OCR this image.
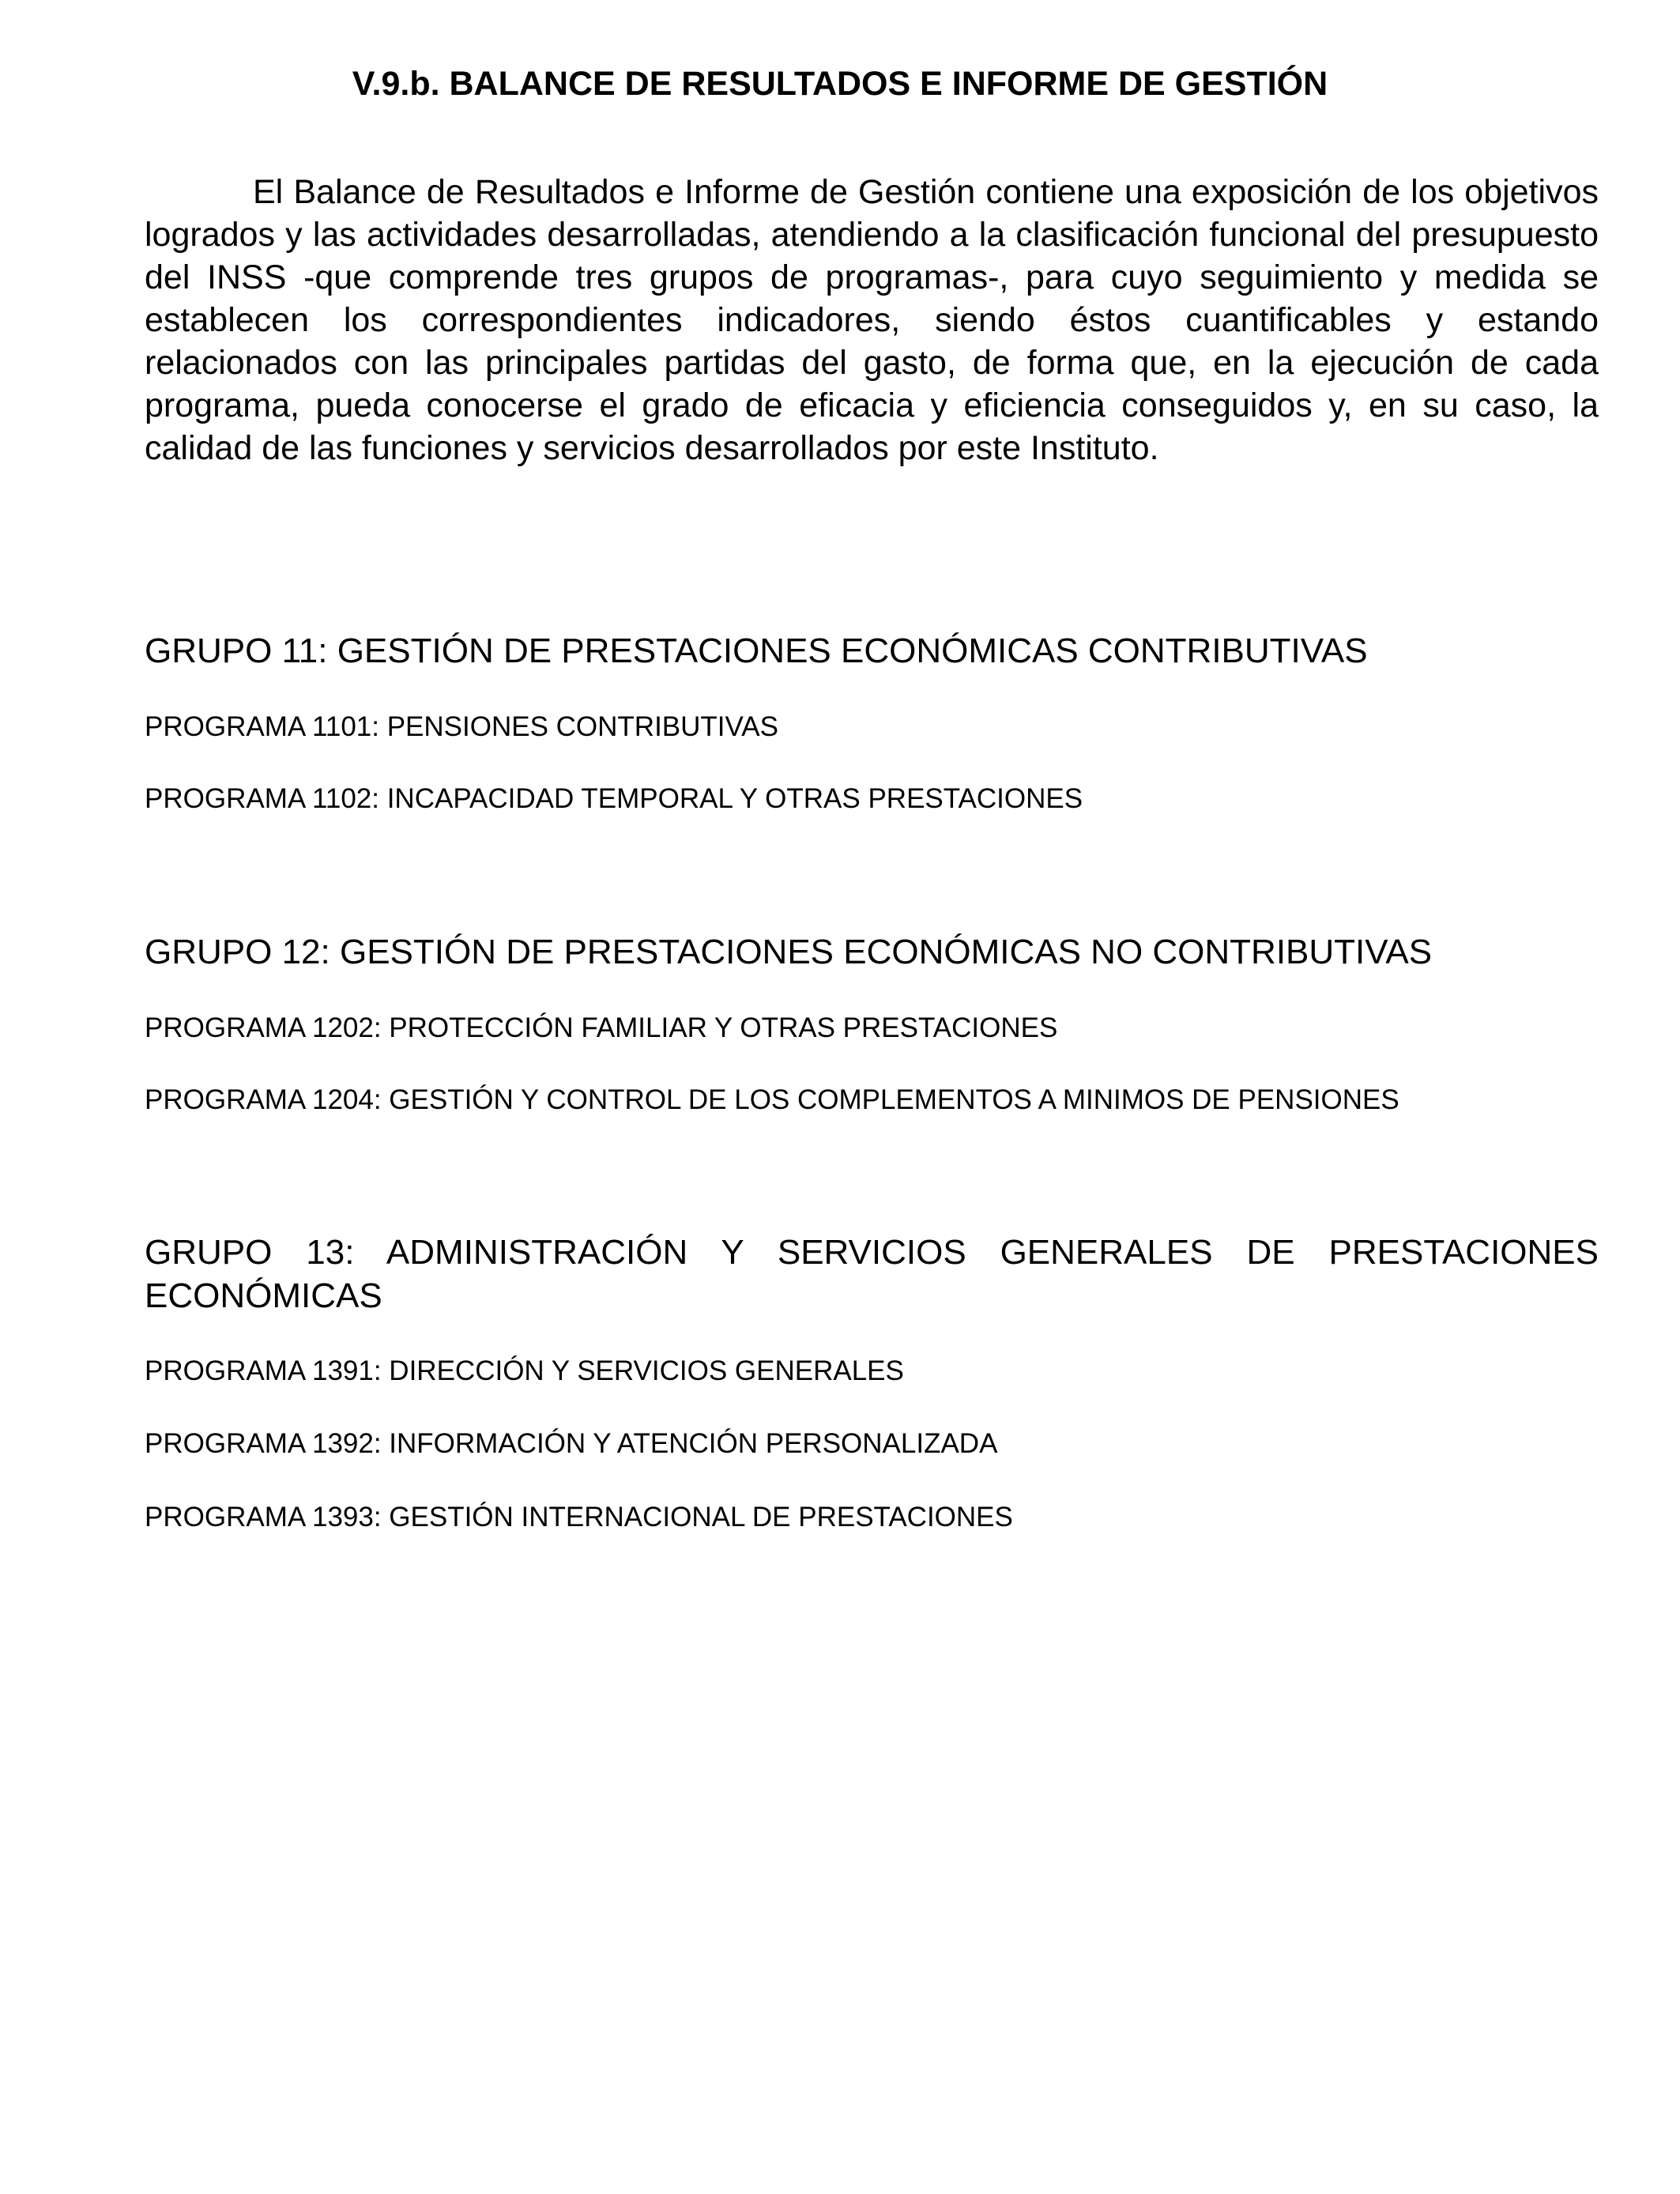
V.9.b. BALANCE DE RESULTADOS E INFORME DE GESTIÓN

El Balance de Resultados e Informe de Gestión contiene una exposición de los objetivos logrados y las actividades desarrolladas, atendiendo a la clasificación funcional del presupuesto del INSS -que comprende tres grupos de programas-, para cuyo seguimiento y medida se establecen los correspondientes indicadores, siendo éstos cuantificables y estando relacionados con las principales partidas del gasto, de forma que, en la ejecución de cada programa, pueda conocerse el grado de eficacia y eficiencia conseguidos y, en su caso, la calidad de las funciones y servicios desarrollados por este Instituto.

GRUPO 11: GESTIÓN DE PRESTACIONES ECONÓMICAS CONTRIBUTIVAS

PROGRAMA 1101: PENSIONES CONTRIBUTIVAS

PROGRAMA 1102: INCAPACIDAD TEMPORAL Y OTRAS PRESTACIONES

GRUPO 12: GESTIÓN DE PRESTACIONES ECONÓMICAS NO CONTRIBUTIVAS

PROGRAMA 1202: PROTECCIÓN FAMILIAR Y OTRAS PRESTACIONES

PROGRAMA 1204: GESTIÓN Y CONTROL DE LOS COMPLEMENTOS A MINIMOS DE PENSIONES

GRUPO 13: ADMINISTRACIÓN Y SERVICIOS GENERALES DE PRESTACIONES ECONÓMICAS

PROGRAMA 1391: DIRECCIÓN Y SERVICIOS GENERALES

PROGRAMA 1392: INFORMACIÓN Y ATENCIÓN PERSONALIZADA

PROGRAMA 1393: GESTIÓN INTERNACIONAL DE PRESTACIONES
